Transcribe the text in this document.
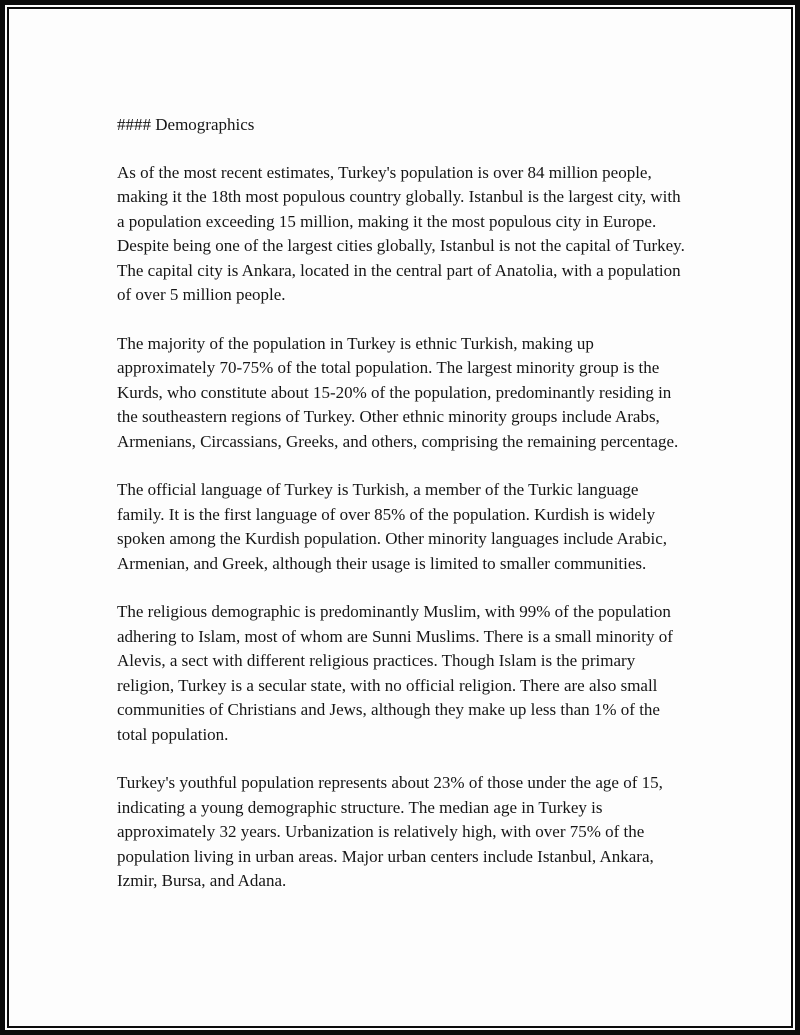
#### Demographics

As of the most recent estimates, Turkey's population is over 84 million people, making it the 18th most populous country globally. Istanbul is the largest city, with a population exceeding 15 million, making it the most populous city in Europe. Despite being one of the largest cities globally, Istanbul is not the capital of Turkey. The capital city is Ankara, located in the central part of Anatolia, with a population of over 5 million people.

The majority of the population in Turkey is ethnic Turkish, making up approximately 70-75% of the total population. The largest minority group is the Kurds, who constitute about 15-20% of the population, predominantly residing in the southeastern regions of Turkey. Other ethnic minority groups include Arabs, Armenians, Circassians, Greeks, and others, comprising the remaining percentage.

The official language of Turkey is Turkish, a member of the Turkic language family. It is the first language of over 85% of the population. Kurdish is widely spoken among the Kurdish population. Other minority languages include Arabic, Armenian, and Greek, although their usage is limited to smaller communities.

The religious demographic is predominantly Muslim, with 99% of the population adhering to Islam, most of whom are Sunni Muslims. There is a small minority of Alevis, a sect with different religious practices. Though Islam is the primary religion, Turkey is a secular state, with no official religion. There are also small communities of Christians and Jews, although they make up less than 1% of the total population.

Turkey's youthful population represents about 23% of those under the age of 15, indicating a young demographic structure. The median age in Turkey is approximately 32 years. Urbanization is relatively high, with over 75% of the population living in urban areas. Major urban centers include Istanbul, Ankara, Izmir, Bursa, and Adana.
